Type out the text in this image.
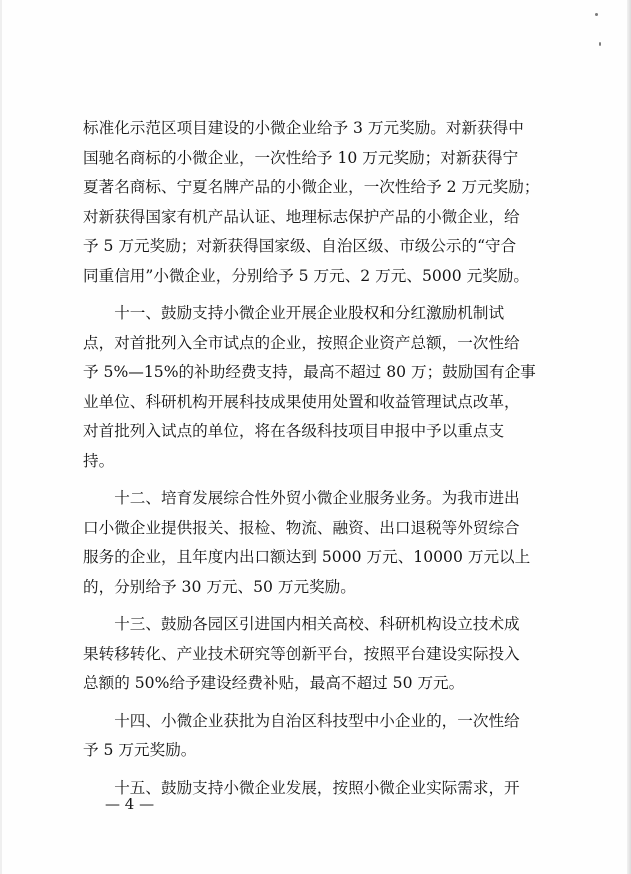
标准化示范区项目建设的小微企业给予 3 万元奖励。对新获得中
国驰名商标的小微企业，一次性给予 10 万元奖励；对新获得宁
夏著名商标、宁夏名牌产品的小微企业，一次性给予 2 万元奖励；
对新获得国家有机产品认证、地理标志保护产品的小微企业，给
予 5 万元奖励；对新获得国家级、自治区级、市级公示的“守合
同重信用”小微企业，分别给予 5 万元、2 万元、5000 元奖励。
　　十一、鼓励支持小微企业开展企业股权和分红激励机制试
点，对首批列入全市试点的企业，按照企业资产总额，一次性给
予 5%—15%的补助经费支持，最高不超过 80 万；鼓励国有企事
业单位、科研机构开展科技成果使用处置和收益管理试点改革，
对首批列入试点的单位，将在各级科技项目申报中予以重点支
持。
　　十二、培育发展综合性外贸小微企业服务业务。为我市进出
口小微企业提供报关、报检、物流、融资、出口退税等外贸综合
服务的企业，且年度内出口额达到 5000 万元、10000 万元以上
的，分别给予 30 万元、50 万元奖励。
　　十三、鼓励各园区引进国内相关高校、科研机构设立技术成
果转移转化、产业技术研究等创新平台，按照平台建设实际投入
总额的 50%给予建设经费补贴，最高不超过 50 万元。
　　十四、小微企业获批为自治区科技型中小企业的，一次性给
予 5 万元奖励。
　　十五、鼓励支持小微企业发展，按照小微企业实际需求，开
— 4 —
